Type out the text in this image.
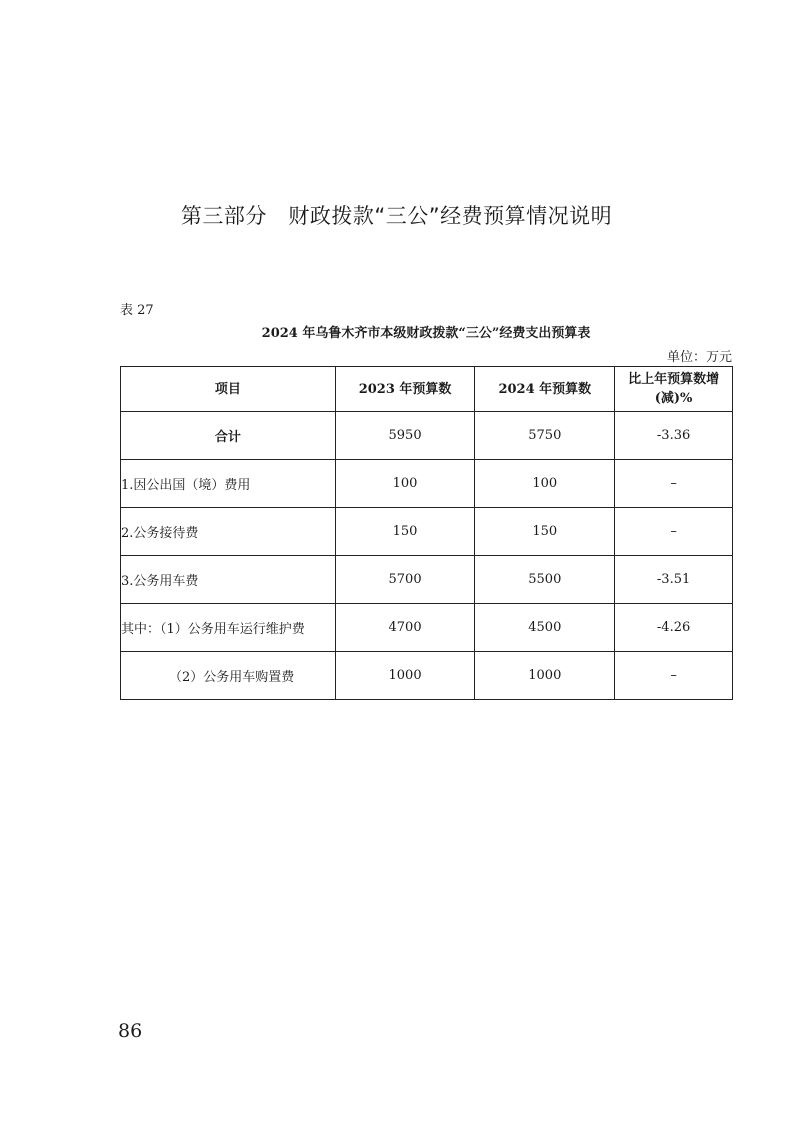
第三部分　财政拨款“三公”经费预算情况说明
表 27
2024 年乌鲁木齐市本级财政拨款“三公”经费支出预算表
单位：万元
项目	2023 年预算数	2024 年预算数	比上年预算数增
(减)%

合计	5950	5750	-3.36
1.因公出国（境）费用	100	100	–
2.公务接待费	150	150	–
3.公务用车费	5700	5500	-3.51
其中：（1）公务用车运行维护费	4700	4500	-4.26
（2）公务用车购置费	1000	1000	–
86
